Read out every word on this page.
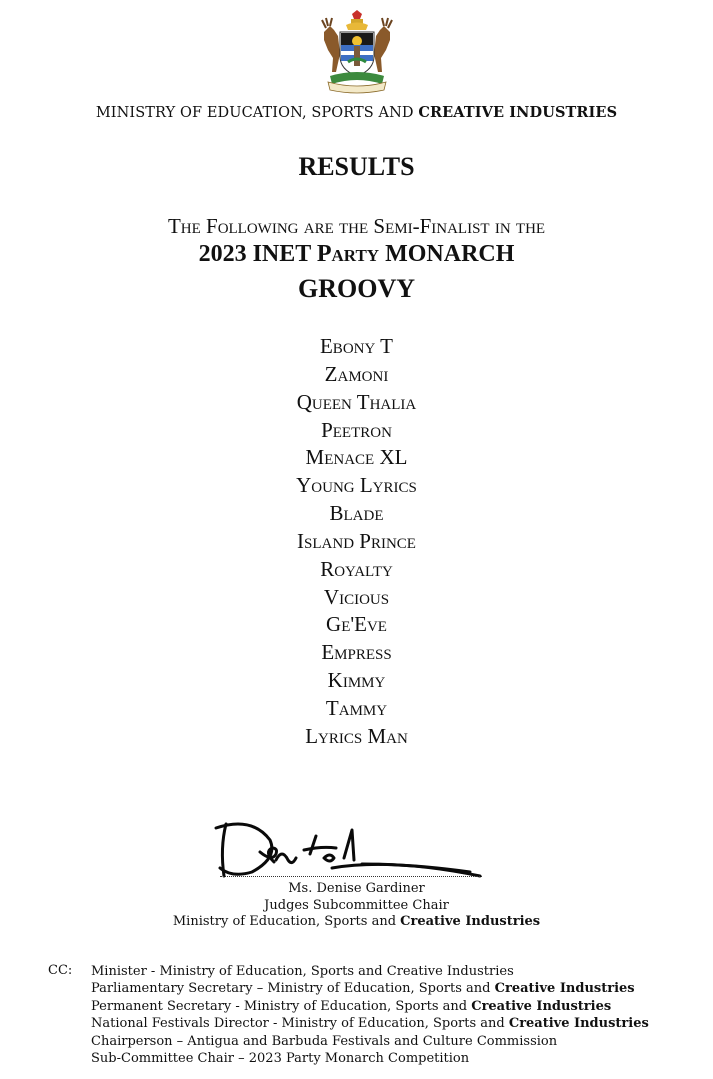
MINISTRY OF EDUCATION, SPORTS AND CREATIVE INDUSTRIES
RESULTS
The Following are the Semi-Finalist in the
2023 INET Party MONARCH
GROOVY
Ebony T
Zamoni
Queen Thalia
Peetron
Menace XL
Young Lyrics
Blade
Island Prince
Royalty
Vicious
Ge'Eve
Empress
Kimmy
Tammy
Lyrics Man
Ms. Denise Gardiner
Judges Subcommittee Chair
Ministry of Education, Sports and Creative Industries
CC: Minister - Ministry of Education, Sports and Creative Industries
Parliamentary Secretary – Ministry of Education, Sports and Creative Industries
Permanent Secretary - Ministry of Education, Sports and Creative Industries
National Festivals Director - Ministry of Education, Sports and Creative Industries
Chairperson – Antigua and Barbuda Festivals and Culture Commission
Sub-Committee Chair – 2023 Party Monarch Competition
